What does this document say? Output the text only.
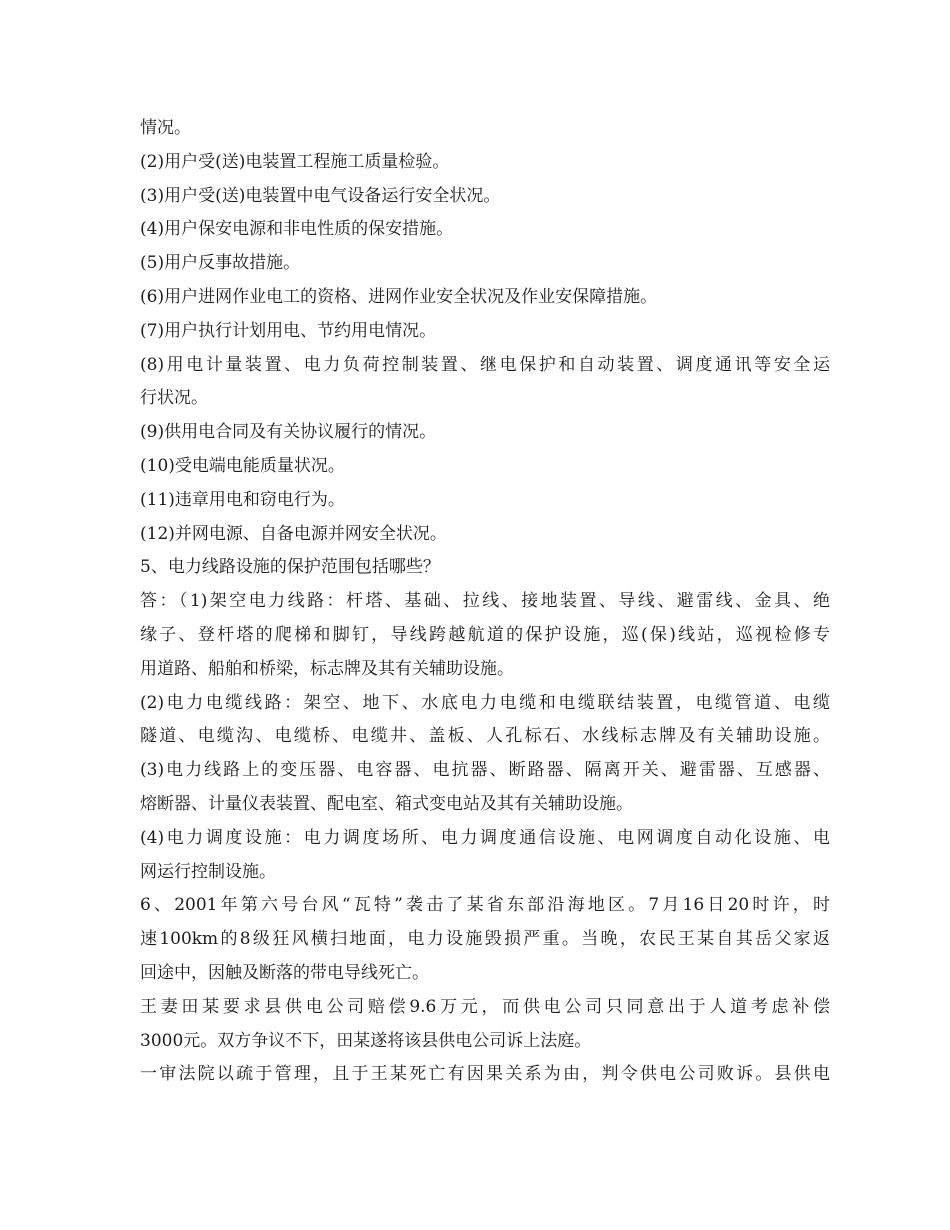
情况。
(2)用户受(送)电装置工程施工质量检验。
(3)用户受(送)电装置中电气设备运行安全状况。
(4)用户保安电源和非电性质的保安措施。
(5)用户反事故措施。
(6)用户进网作业电工的资格、进网作业安全状况及作业安保障措施。
(7)用户执行计划用电、节约用电情况。
(8)用电计量装置、电力负荷控制装置、继电保护和自动装置、调度通讯等安全运
行状况。
(9)供用电合同及有关协议履行的情况。
(10)受电端电能质量状况。
(11)违章用电和窃电行为。
(12)并网电源、自备电源并网安全状况。
5、电力线路设施的保护范围包括哪些？
答：（1)架空电力线路：杆塔、基础、拉线、接地装置、导线、避雷线、金具、绝
缘子、登杆塔的爬梯和脚钉，导线跨越航道的保护设施，巡(保)线站，巡视检修专
用道路、船舶和桥梁，标志牌及其有关辅助设施。
(2)电力电缆线路：架空、地下、水底电力电缆和电缆联结装置，电缆管道、电缆
隧道、电缆沟、电缆桥、电缆井、盖板、人孔标石、水线标志牌及有关辅助设施。
(3)电力线路上的变压器、电容器、电抗器、断路器、隔离开关、避雷器、互感器、
熔断器、计量仪表装置、配电室、箱式变电站及其有关辅助设施。
(4)电力调度设施：电力调度场所、电力调度通信设施、电网调度自动化设施、电
网运行控制设施。
6、2001年第六号台风“瓦特”袭击了某省东部沿海地区。7月16日20时许，时
速100km的8级狂风横扫地面，电力设施毁损严重。当晚，农民王某自其岳父家返
回途中，因触及断落的带电导线死亡。
王妻田某要求县供电公司赔偿9.6万元，而供电公司只同意出于人道考虑补偿
3000元。双方争议不下，田某遂将该县供电公司诉上法庭。
一审法院以疏于管理，且于王某死亡有因果关系为由，判令供电公司败诉。县供电
